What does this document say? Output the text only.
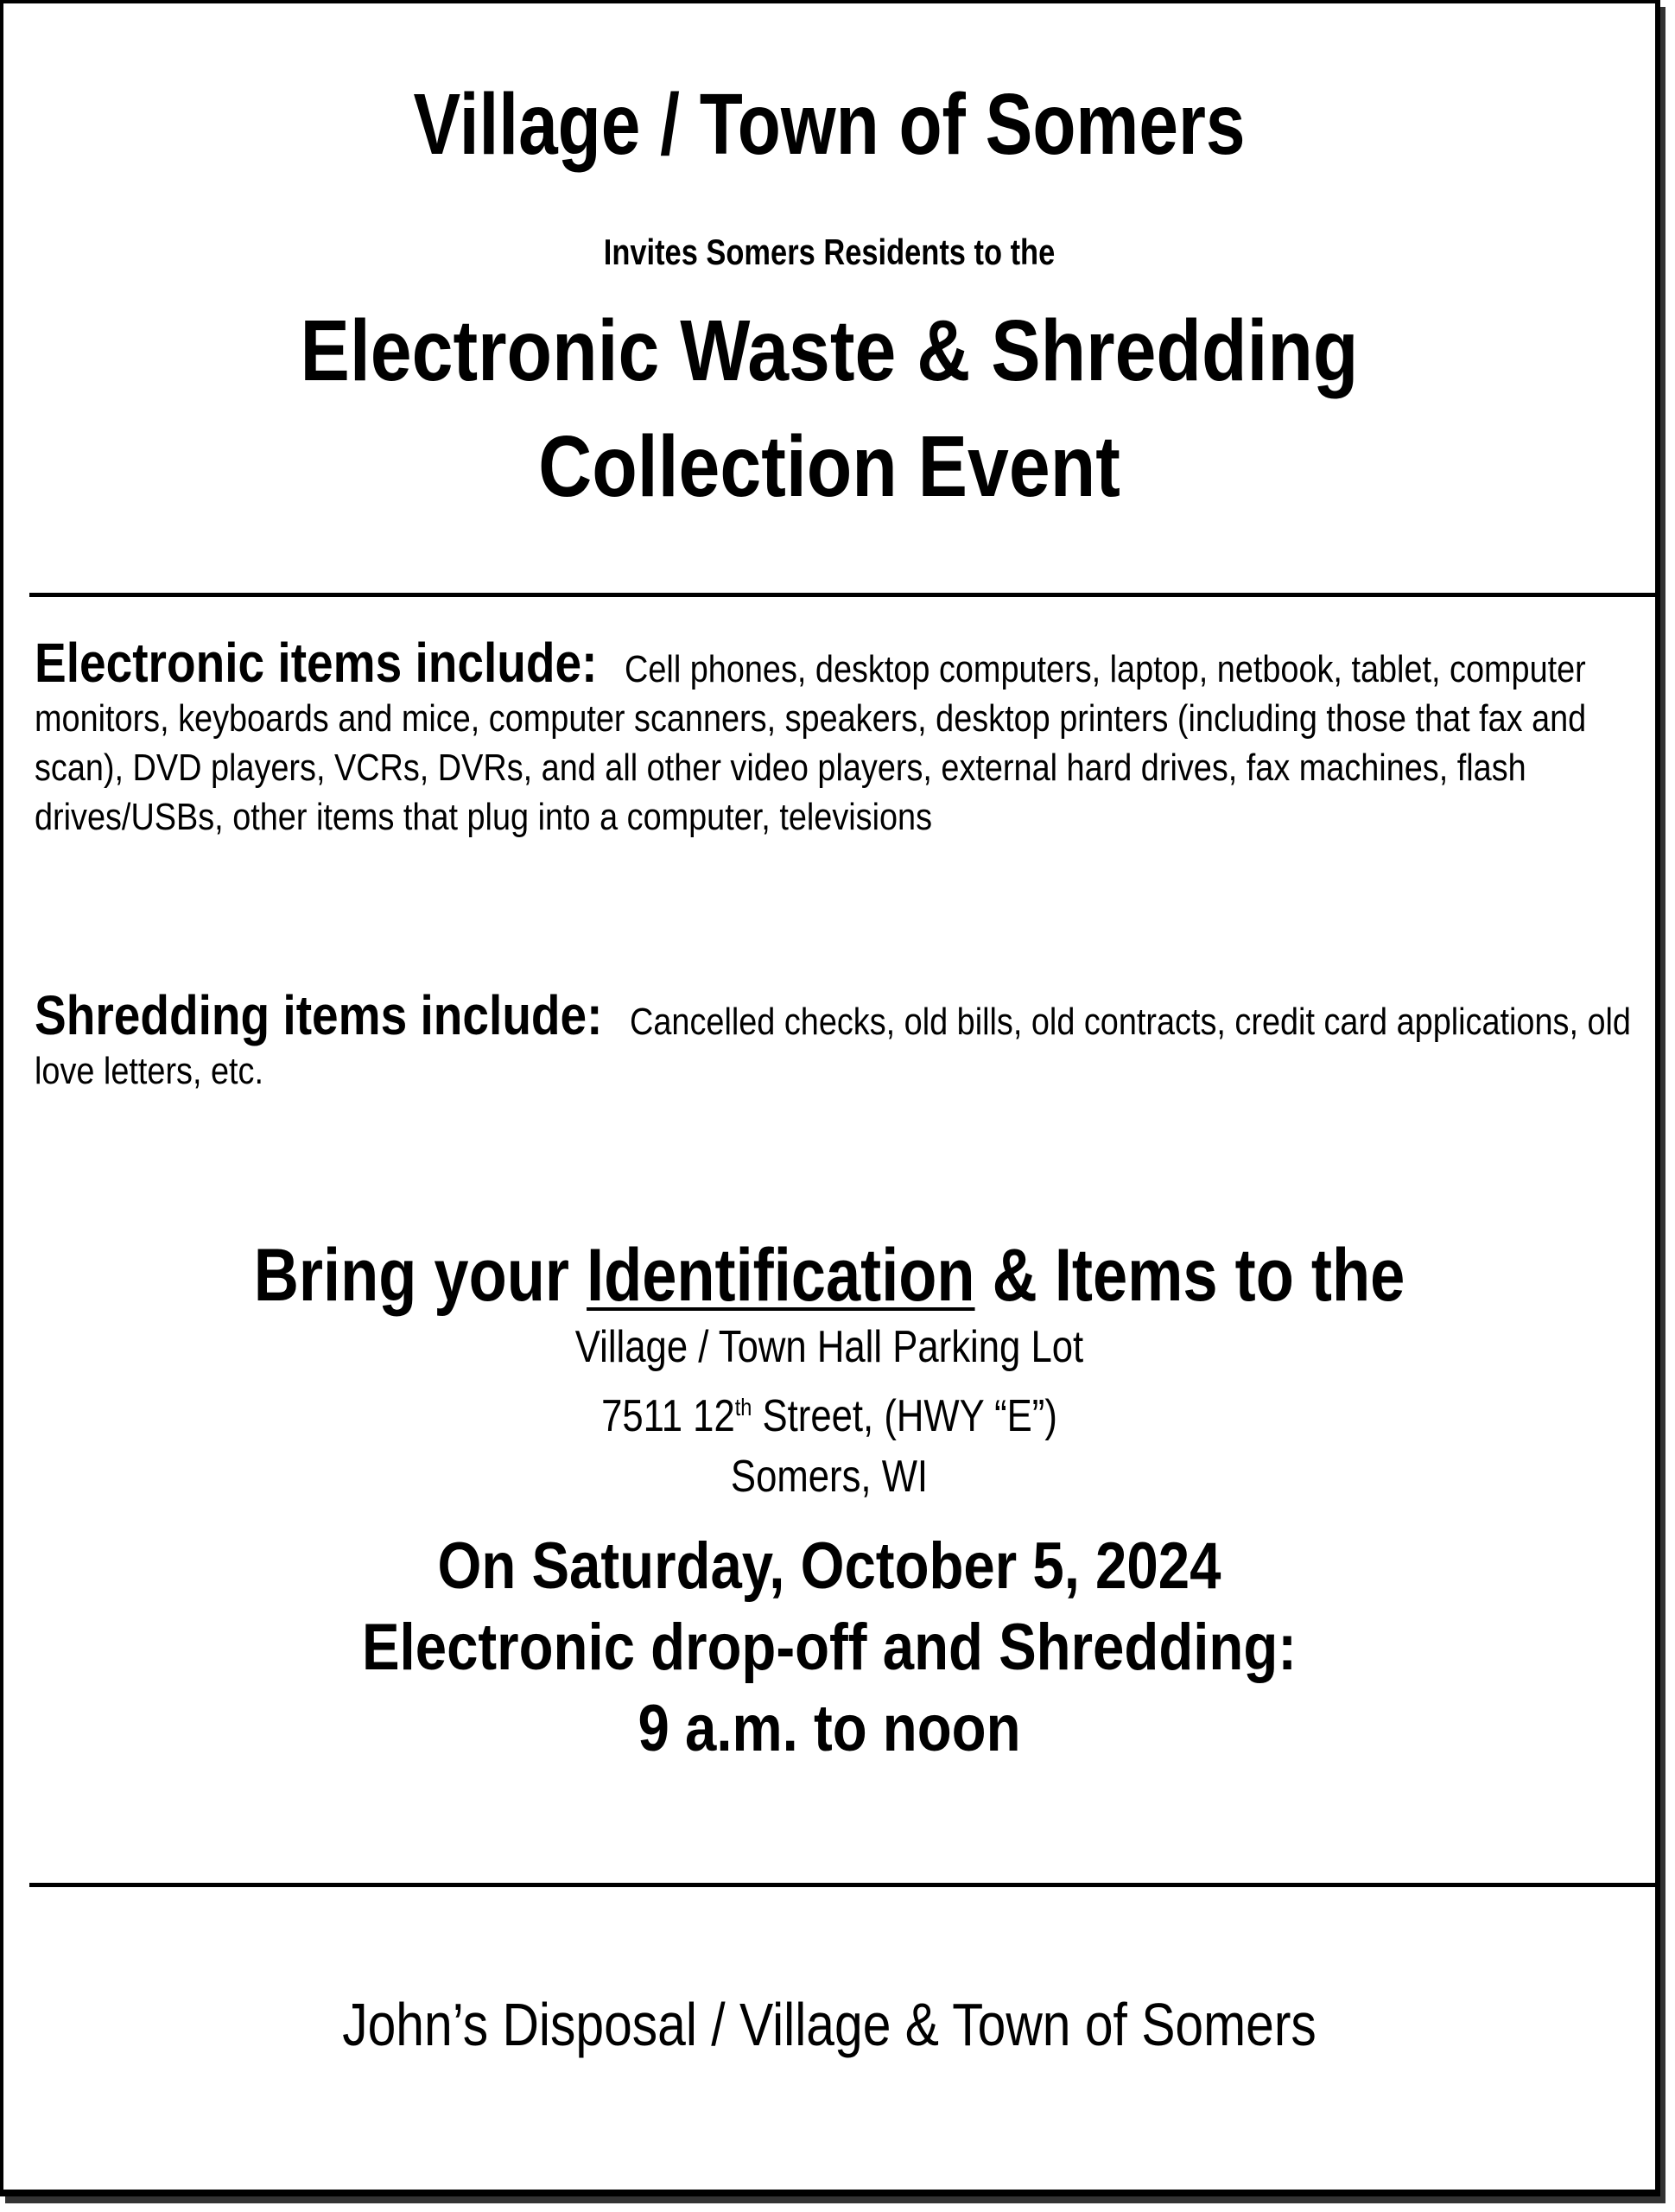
Village / Town of Somers
Invites Somers Residents to the
Electronic Waste & Shredding
Collection Event
Electronic items include: Cell phones, desktop computers, laptop, netbook, tablet, computer monitors, keyboards and mice, computer scanners, speakers, desktop printers (including those that fax and scan), DVD players, VCRs, DVRs, and all other video players, external hard drives, fax machines, flash drives/USBs, other items that plug into a computer, televisions
Shredding items include: Cancelled checks, old bills, old contracts, credit card applications, old love letters, etc.
Bring your Identification & Items to the
Village / Town Hall Parking Lot
7511 12th Street, (HWY “E”)
Somers, WI
On Saturday, October 5, 2024
Electronic drop-off and Shredding:
9 a.m. to noon
John’s Disposal / Village & Town of Somers
